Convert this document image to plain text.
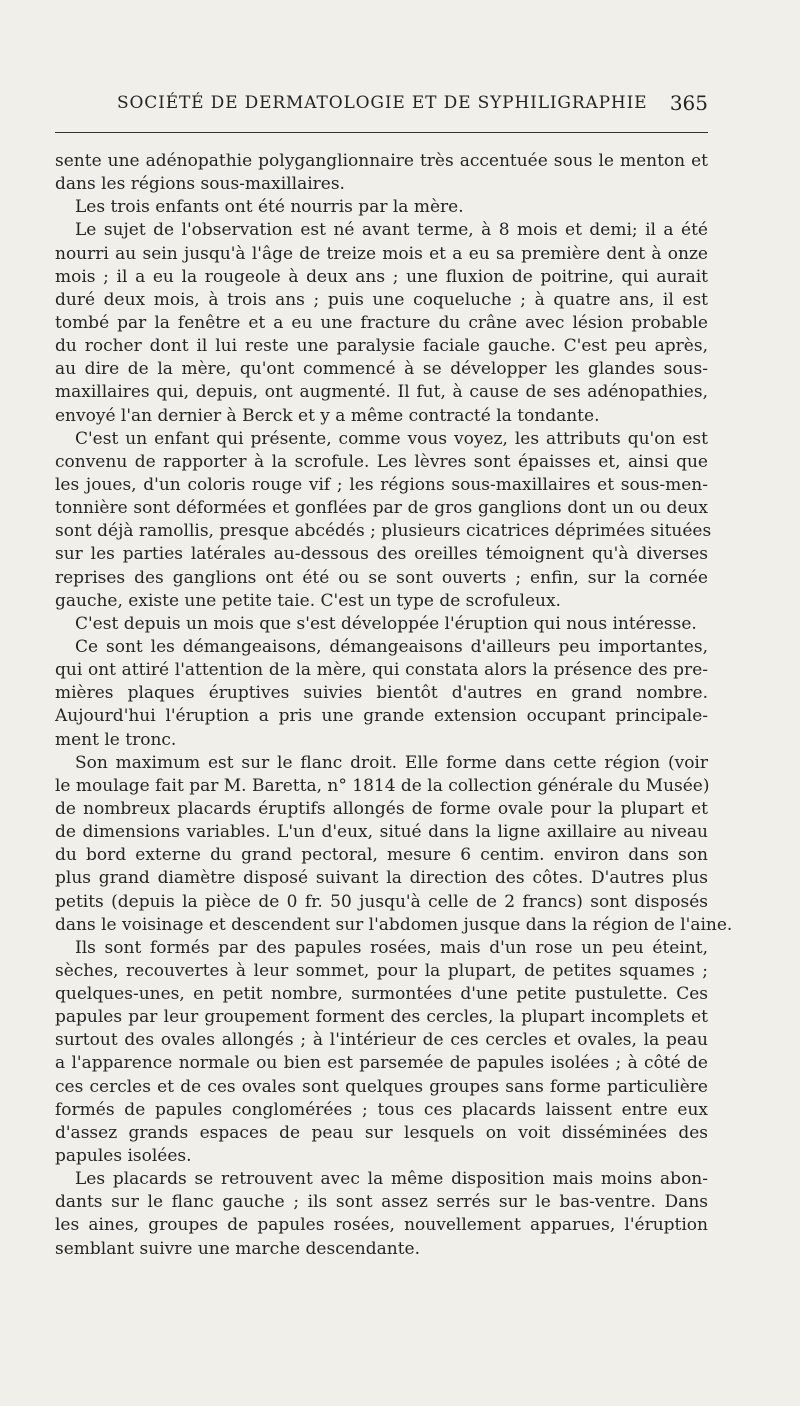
SOCIÉTÉ DE DERMATOLOGIE ET DE SYPHILIGRAPHIE 365
sente une adénopathie polyganglionnaire très accentuée sous le menton et
dans les régions sous-maxillaires.
Les trois enfants ont été nourris par la mère.
Le sujet de l'observation est né avant terme, à 8 mois et demi; il a été
nourri au sein jusqu'à l'âge de treize mois et a eu sa première dent à onze
mois ; il a eu la rougeole à deux ans ; une fluxion de poitrine, qui aurait
duré deux mois, à trois ans ; puis une coqueluche ; à quatre ans, il est
tombé par la fenêtre et a eu une fracture du crâne avec lésion probable
du rocher dont il lui reste une paralysie faciale gauche. C'est peu après,
au dire de la mère, qu'ont commencé à se développer les glandes sous-
maxillaires qui, depuis, ont augmenté. Il fut, à cause de ses adénopathies,
envoyé l'an dernier à Berck et y a même contracté la tondante.
C'est un enfant qui présente, comme vous voyez, les attributs qu'on est
convenu de rapporter à la scrofule. Les lèvres sont épaisses et, ainsi que
les joues, d'un coloris rouge vif ; les régions sous-maxillaires et sous-men-
tonnière sont déformées et gonflées par de gros ganglions dont un ou deux
sont déjà ramollis, presque abcédés ; plusieurs cicatrices déprimées situées
sur les parties latérales au-dessous des oreilles témoignent qu'à diverses
reprises des ganglions ont été ou se sont ouverts ; enfin, sur la cornée
gauche, existe une petite taie. C'est un type de scrofuleux.
C'est depuis un mois que s'est développée l'éruption qui nous intéresse.
Ce sont les démangeaisons, démangeaisons d'ailleurs peu importantes,
qui ont attiré l'attention de la mère, qui constata alors la présence des pre-
mières plaques éruptives suivies bientôt d'autres en grand nombre.
Aujourd'hui l'éruption a pris une grande extension occupant principale-
ment le tronc.
Son maximum est sur le flanc droit. Elle forme dans cette région (voir
le moulage fait par M. Baretta, n° 1814 de la collection générale du Musée)
de nombreux placards éruptifs allongés de forme ovale pour la plupart et
de dimensions variables. L'un d'eux, situé dans la ligne axillaire au niveau
du bord externe du grand pectoral, mesure 6 centim. environ dans son
plus grand diamètre disposé suivant la direction des côtes. D'autres plus
petits (depuis la pièce de 0 fr. 50 jusqu'à celle de 2 francs) sont disposés
dans le voisinage et descendent sur l'abdomen jusque dans la région de l'aine.
Ils sont formés par des papules rosées, mais d'un rose un peu éteint,
sèches, recouvertes à leur sommet, pour la plupart, de petites squames ;
quelques-unes, en petit nombre, surmontées d'une petite pustulette. Ces
papules par leur groupement forment des cercles, la plupart incomplets et
surtout des ovales allongés ; à l'intérieur de ces cercles et ovales, la peau
a l'apparence normale ou bien est parsemée de papules isolées ; à côté de
ces cercles et de ces ovales sont quelques groupes sans forme particulière
formés de papules conglomérées ; tous ces placards laissent entre eux
d'assez grands espaces de peau sur lesquels on voit disséminées des
papules isolées.
Les placards se retrouvent avec la même disposition mais moins abon-
dants sur le flanc gauche ; ils sont assez serrés sur le bas-ventre. Dans
les aines, groupes de papules rosées, nouvellement apparues, l'éruption
semblant suivre une marche descendante.
